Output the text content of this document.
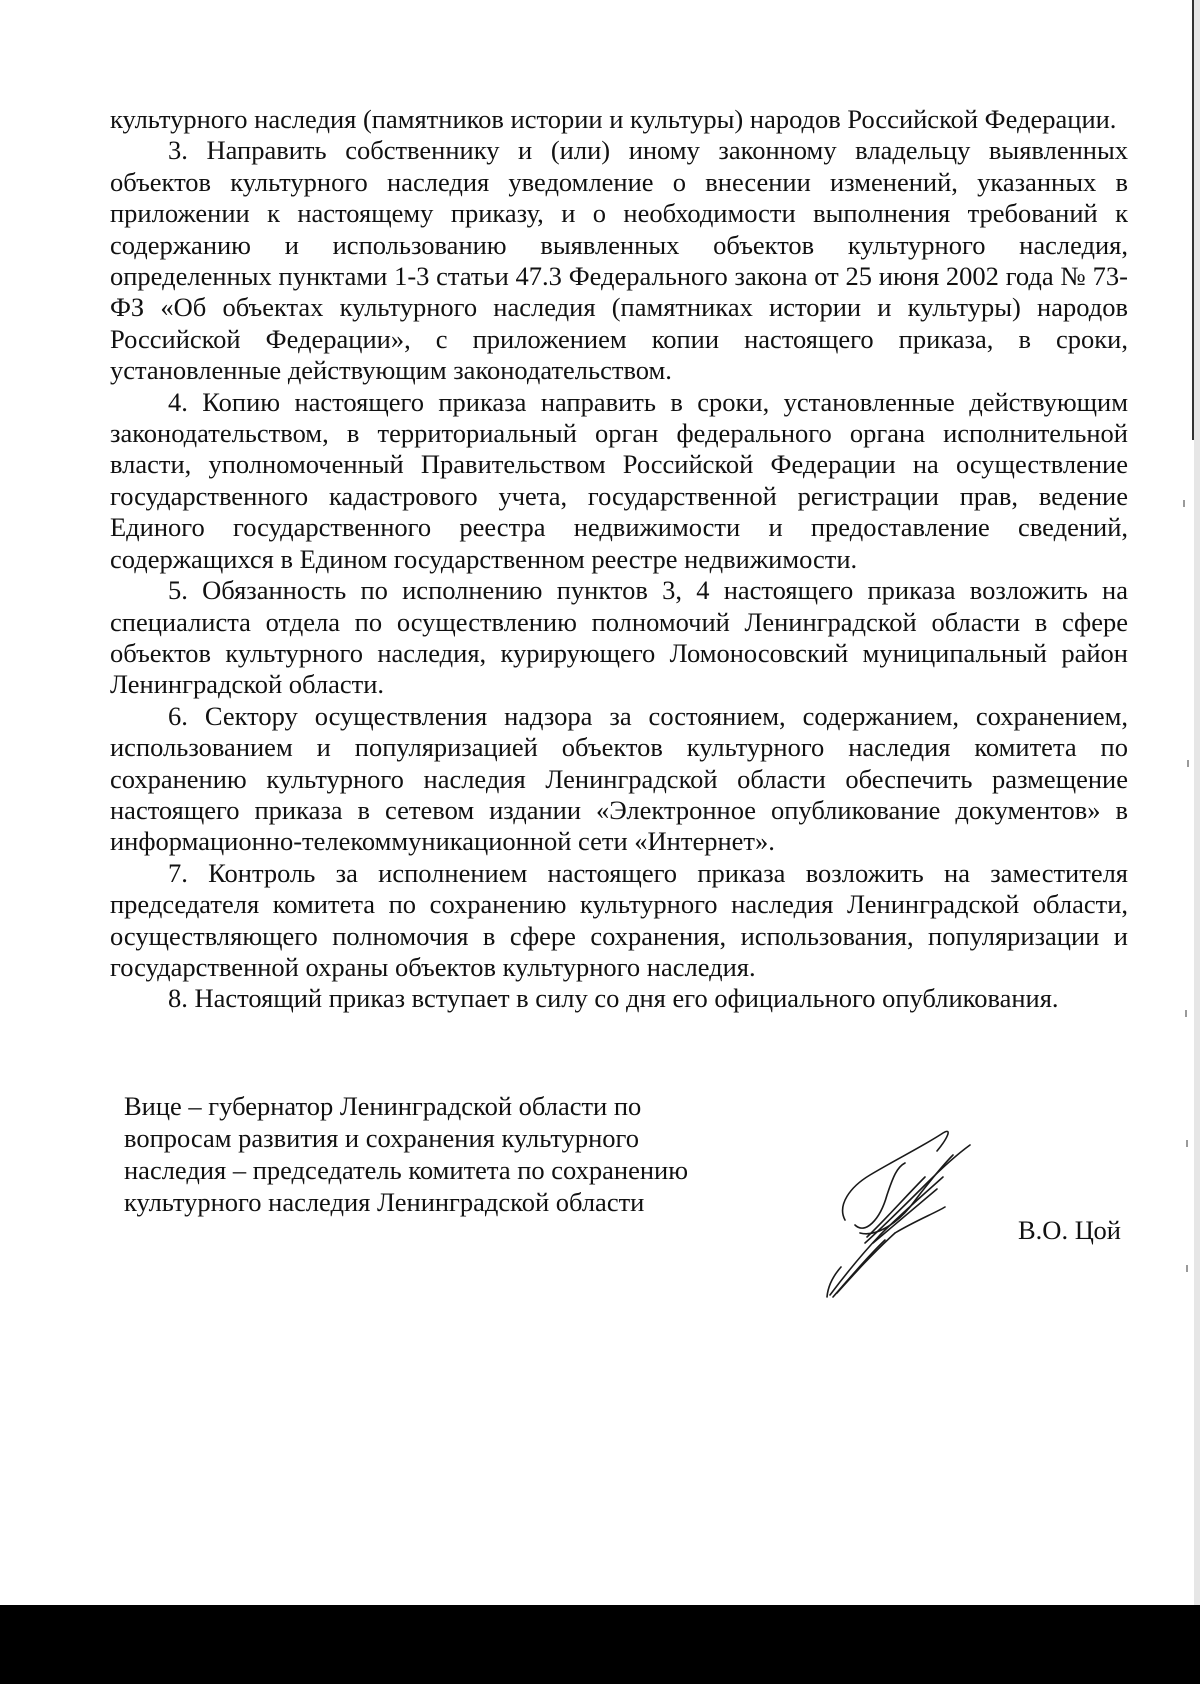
культурного наследия (памятников истории и культуры) народов Российской Федерации.

3. Направить собственнику и (или) иному законному владельцу выявленных объектов культурного наследия уведомление о внесении изменений, указанных в приложении к настоящему приказу, и о необходимости выполнения требований к содержанию и использованию выявленных объектов культурного наследия, определенных пунктами 1-3 статьи 47.3 Федерального закона от 25 июня 2002 года № 73-ФЗ «Об объектах культурного наследия (памятниках истории и культуры) народов Российской Федерации», с приложением копии настоящего приказа, в сроки, установленные действующим законодательством.

4. Копию настоящего приказа направить в сроки, установленные действующим законодательством, в территориальный орган федерального органа исполнительной власти, уполномоченный Правительством Российской Федерации на осуществление государственного кадастрового учета, государственной регистрации прав, ведение Единого государственного реестра недвижимости и предоставление сведений, содержащихся в Едином государственном реестре недвижимости.

5. Обязанность по исполнению пунктов 3, 4 настоящего приказа возложить на специалиста отдела по осуществлению полномочий Ленинградской области в сфере объектов культурного наследия, курирующего Ломоносовский муниципальный район Ленинградской области.

6. Сектору осуществления надзора за состоянием, содержанием, сохранением, использованием и популяризацией объектов культурного наследия комитета по сохранению культурного наследия Ленинградской области обеспечить размещение настоящего приказа в сетевом издании «Электронное опубликование документов» в информационно-телекоммуникационной сети «Интернет».

7. Контроль за исполнением настоящего приказа возложить на заместителя председателя комитета по сохранению культурного наследия Ленинградской области, осуществляющего полномочия в сфере сохранения, использования, популяризации и государственной охраны объектов культурного наследия.

8. Настоящий приказ вступает в силу со дня его официального опубликования.

Вице – губернатор Ленинградской области по
вопросам развития и сохранения культурного
наследия – председатель комитета по сохранению
культурного наследия Ленинградской области
В.О. Цой
